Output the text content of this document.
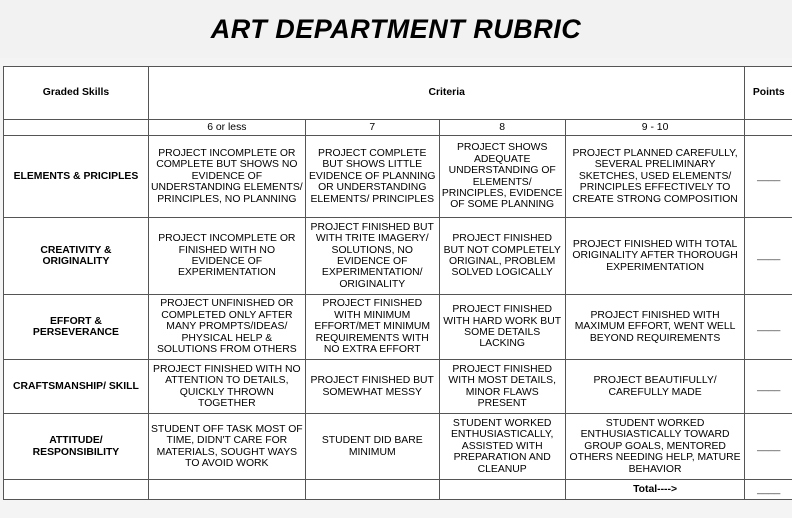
ART DEPARTMENT RUBRIC
Graded Skills	Criteria				Points
	6 or less	7	8	9 - 10	
ELEMENTS & PRICIPLES	PROJECT INCOMPLETE OR COMPLETE BUT SHOWS NO EVIDENCE OF UNDERSTANDING ELEMENTS/ PRINCIPLES, NO PLANNING	PROJECT COMPLETE BUT SHOWS LITTLE EVIDENCE OF PLANNING OR UNDERSTANDING ELEMENTS/ PRINCIPLES	PROJECT SHOWS ADEQUATE UNDERSTANDING OF ELEMENTS/ PRINCIPLES, EVIDENCE OF SOME PLANNING	PROJECT PLANNED CAREFULLY, SEVERAL PRELIMINARY SKETCHES, USED ELEMENTS/ PRINCIPLES EFFECTIVELY TO CREATE STRONG COMPOSITION	____
CREATIVITY & ORIGINALITY	PROJECT INCOMPLETE OR FINISHED WITH NO EVIDENCE OF EXPERIMENTATION	PROJECT FINISHED BUT WITH TRITE IMAGERY/ SOLUTIONS, NO EVIDENCE OF EXPERIMENTATION/ ORIGINALITY	PROJECT FINISHED BUT NOT COMPLETELY ORIGINAL, PROBLEM SOLVED LOGICALLY	PROJECT FINISHED WITH TOTAL ORIGINALITY AFTER THOROUGH EXPERIMENTATION	____
EFFORT & PERSEVERANCE	PROJECT UNFINISHED OR COMPLETED ONLY AFTER MANY PROMPTS/IDEAS/ PHYSICAL HELP & SOLUTIONS FROM OTHERS	PROJECT FINISHED WITH MINIMUM EFFORT/MET MINIMUM REQUIREMENTS WITH NO EXTRA EFFORT	PROJECT FINISHED WITH HARD WORK BUT SOME DETAILS LACKING	PROJECT FINISHED WITH MAXIMUM EFFORT, WENT WELL BEYOND REQUIREMENTS	____
CRAFTSMANSHIP/ SKILL	PROJECT FINISHED WITH NO ATTENTION TO DETAILS, QUICKLY THROWN TOGETHER	PROJECT FINISHED BUT SOMEWHAT MESSY	PROJECT FINISHED WITH MOST DETAILS, MINOR FLAWS PRESENT	PROJECT BEAUTIFULLY/ CAREFULLY MADE	____
ATTITUDE/ RESPONSIBILITY	STUDENT OFF TASK MOST OF TIME, DIDN'T CARE FOR MATERIALS, SOUGHT WAYS TO AVOID WORK	STUDENT DID BARE MINIMUM	STUDENT WORKED ENTHUSIASTICALLY, ASSISTED WITH PREPARATION AND CLEANUP	STUDENT WORKED ENTHUSIASTICALLY TOWARD GROUP GOALS, MENTORED OTHERS NEEDING HELP, MATURE BEHAVIOR	____
				Total---->	____
